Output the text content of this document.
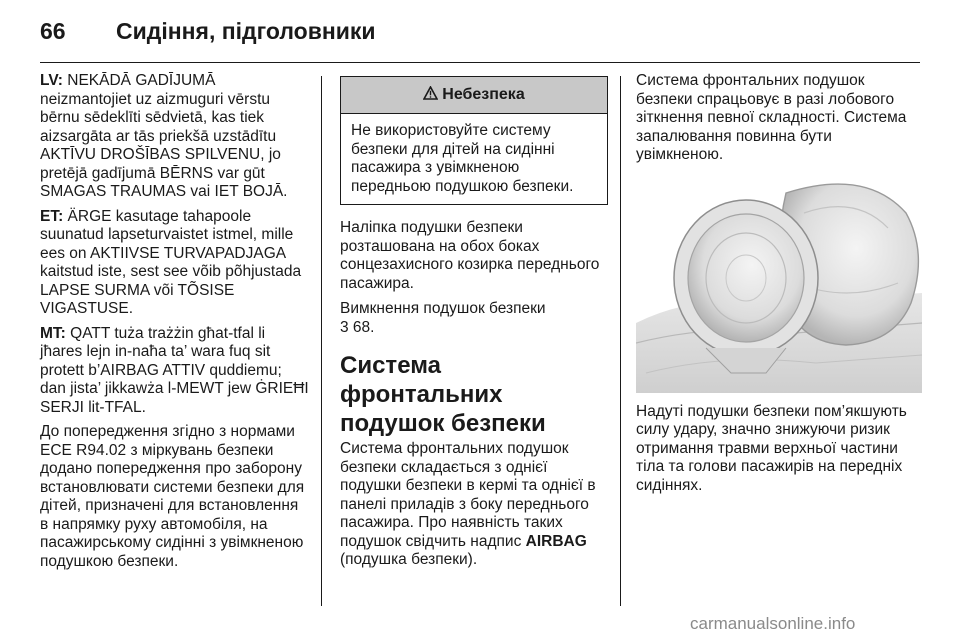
66 Сидіння, підголовники

LV: NEKĀDĀ GADĪJUMĀ neizmantojiet uz aizmuguri vērstu bērnu sēdeklīti sēdvietā, kas tiek aizsargāta ar tās priekšā uzstādītu AKTĪVU DROŠĪBAS SPILVENU, jo pretējā gadījumā BĒRNS var gūt SMAGAS TRAUMAS vai IET BOJĀ.

ET: ÄRGE kasutage tahapoole suunatud lapseturvaistet istmel, mille ees on AKTIIVSE TURVAPADJAGA kaitstud iste, sest see võib põhjustada LAPSE SURMA või TÕSISE VIGASTUSE.

MT: QATT tuża trażżin għat-tfal li jħares lejn in-naħa ta’ wara fuq sit protett b’AIRBAG ATTIV quddiemu; dan jista’ jikkawża l-MEWT jew ĠRIEĦI SERJI lit-TFAL.

До попередження згідно з нормами ECE R94.02 з міркувань безпеки додано попередження про заборону встановлювати системи безпеки для дітей, призначені для встановлення в напрямку руху автомобіля, на пасажирському сидінні з увімкненою подушкою безпеки.

Небезпека
Не використовуйте систему безпеки для дітей на сидінні пасажира з увімкненою передньою подушкою безпеки.

Наліпка подушки безпеки розташована на обох боках сонцезахисного козирка переднього пасажира.

Вимкнення подушок безпеки
3 68.

Система фронтальних подушок безпеки

Система фронтальних подушок безпеки складається з однієї подушки безпеки в кермі та однієї в панелі приладів з боку переднього пасажира. Про наявність таких подушок свідчить надпис AIRBAG (подушка безпеки).

Система фронтальних подушок безпеки спрацьовує в разі лобового зіткнення певної складності. Система запалювання повинна бути увімкненою.

Надуті подушки безпеки пом’якшують силу удару, значно знижуючи ризик отримання травми верхньої частини тіла та голови пасажирів на передніх сидіннях.

carmanualsonline.info
